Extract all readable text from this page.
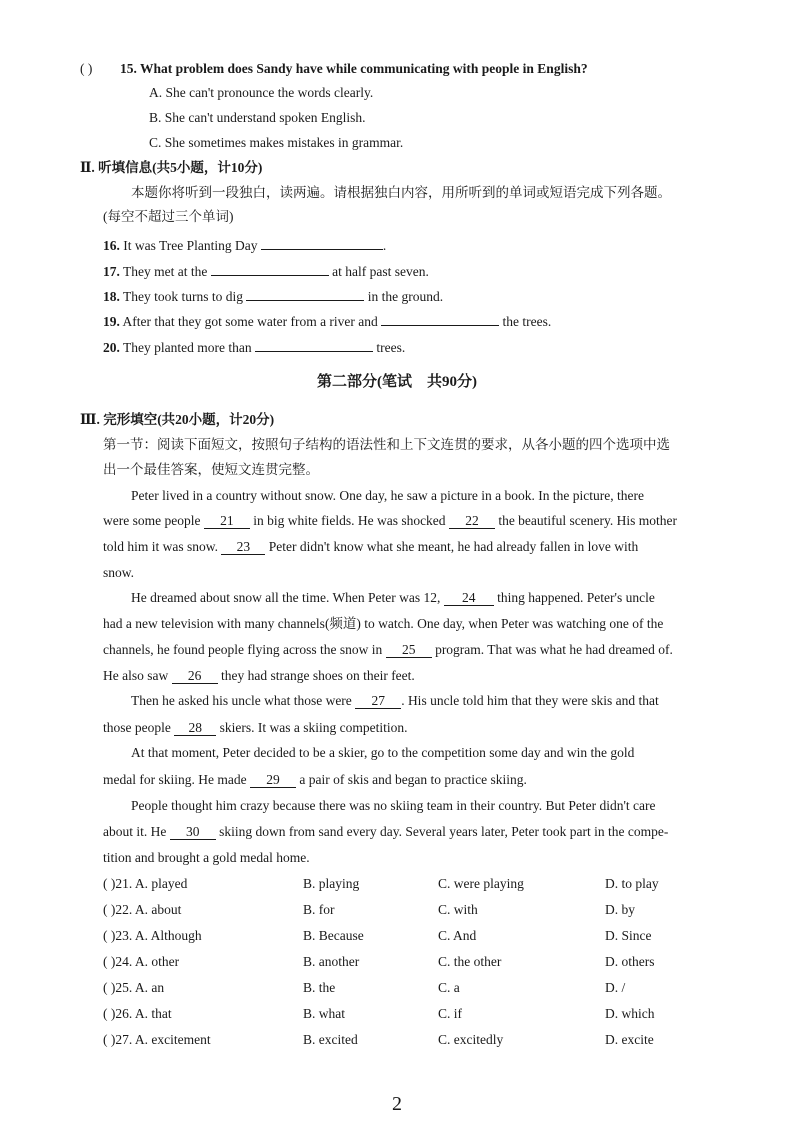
( ) 15. What problem does Sandy have while communicating with people in English?
A. She can't pronounce the words clearly.
B. She can't understand spoken English.
C. She sometimes makes mistakes in grammar.
Ⅱ. 听填信息(共5小题，计10分)
本题你将听到一段独白，读两遍。请根据独白内容，用所听到的单词或短语完成下列各题。
(每空不超过三个单词)
16. It was Tree Planting Day	.
17. They met at the	at half past seven.
18. They took turns to dig	in the ground.
19. After that they got some water from a river and	the trees.
20. They planted more than	trees.
第二部分(笔试　共90分)
Ⅲ. 完形填空(共20小题，计20分)
第一节：阅读下面短文，按照句子结构的语法性和上下文连贯的要求，从各小题的四个选项中选
出一个最佳答案，使短文连贯完整。
Peter lived in a country without snow. One day, he saw a picture in a book. In the picture, there
were some people 21 in big white fields. He was shocked 22 the beautiful scenery. His mother
told him it was snow. 23 Peter didn't know what she meant, he had already fallen in love with
snow.
He dreamed about snow all the time. When Peter was 12, 24 thing happened. Peter's uncle
had a new television with many channels(频道) to watch. One day, when Peter was watching one of the
channels, he found people flying across the snow in 25 program. That was what he had dreamed of.
He also saw 26 they had strange shoes on their feet.
Then he asked his uncle what those were 27 . His uncle told him that they were skis and that
those people 28 skiers. It was a skiing competition.
At that moment, Peter decided to be a skier, go to the competition some day and win the gold
medal for skiing. He made 29 a pair of skis and began to practice skiing.
People thought him crazy because there was no skiing team in their country. But Peter didn't care
about it. He 30 skiing down from sand every day. Several years later, Peter took part in the compe-
tition and brought a gold medal home.
( )21. A. played	B. playing	C. were playing	D. to play
( )22. A. about	B. for	C. with	D. by
( )23. A. Although	B. Because	C. And	D. Since
( )24. A. other	B. another	C. the other	D. others
( )25. A. an	B. the	C. a	D. /
( )26. A. that	B. what	C. if	D. which
( )27. A. excitement	B. excited	C. excitedly	D. excite
2
